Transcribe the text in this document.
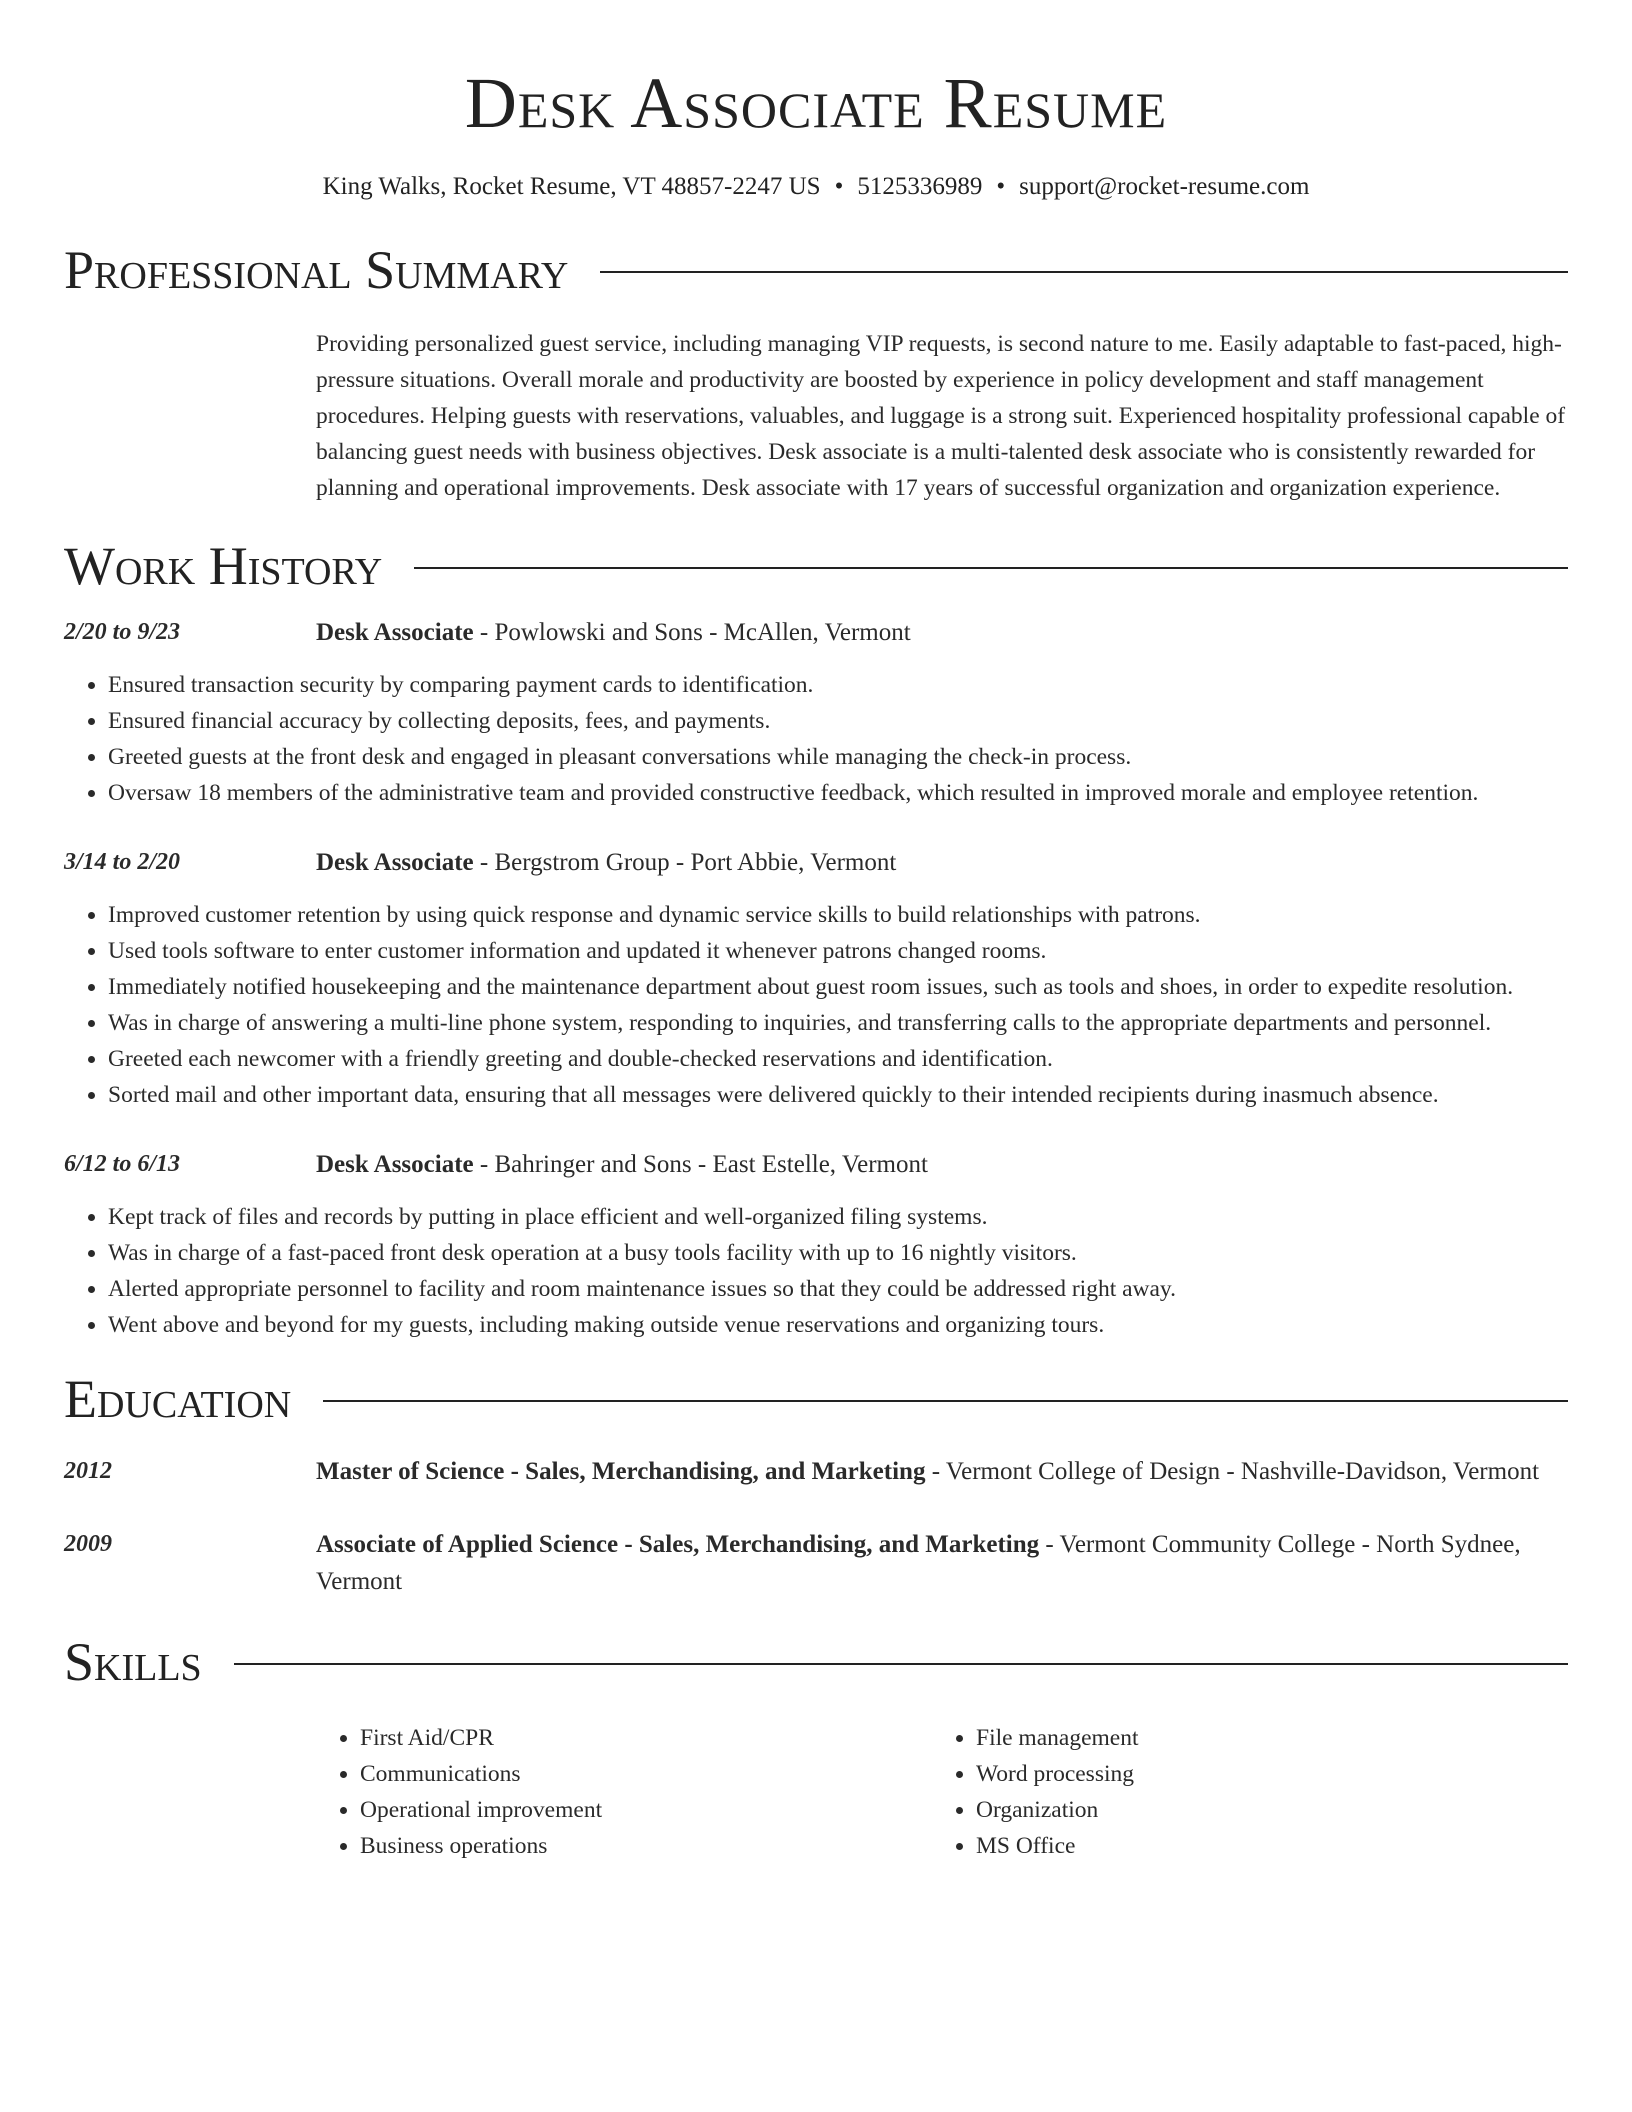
Desk Associate Resume
King Walks, Rocket Resume, VT 48857-2247 US • 5125336989 • support@rocket-resume.com
Professional Summary

Providing personalized guest service, including managing VIP requests, is second nature to me. Easily adaptable to fast-paced, high-pressure situations. Overall morale and productivity are boosted by experience in policy development and staff management procedures. Helping guests with reservations, valuables, and luggage is a strong suit. Experienced hospitality professional capable of balancing guest needs with business objectives. Desk associate is a multi-talented desk associate who is consistently rewarded for planning and operational improvements. Desk associate with 17 years of successful organization and organization experience.

Work History
2/20 to 9/23	Desk Associate - Powlowski and Sons - McAllen, Vermont
• Ensured transaction security by comparing payment cards to identification.
• Ensured financial accuracy by collecting deposits, fees, and payments.
• Greeted guests at the front desk and engaged in pleasant conversations while managing the check-in process.
• Oversaw 18 members of the administrative team and provided constructive feedback, which resulted in improved morale and employee retention.
3/14 to 2/20	Desk Associate - Bergstrom Group - Port Abbie, Vermont
• Improved customer retention by using quick response and dynamic service skills to build relationships with patrons.
• Used tools software to enter customer information and updated it whenever patrons changed rooms.
• Immediately notified housekeeping and the maintenance department about guest room issues, such as tools and shoes, in order to expedite resolution.
• Was in charge of answering a multi-line phone system, responding to inquiries, and transferring calls to the appropriate departments and personnel.
• Greeted each newcomer with a friendly greeting and double-checked reservations and identification.
• Sorted mail and other important data, ensuring that all messages were delivered quickly to their intended recipients during inasmuch absence.
6/12 to 6/13	Desk Associate - Bahringer and Sons - East Estelle, Vermont
• Kept track of files and records by putting in place efficient and well-organized filing systems.
• Was in charge of a fast-paced front desk operation at a busy tools facility with up to 16 nightly visitors.
• Alerted appropriate personnel to facility and room maintenance issues so that they could be addressed right away.
• Went above and beyond for my guests, including making outside venue reservations and organizing tours.
Education
2012	Master of Science - Sales, Merchandising, and Marketing - Vermont College of Design - Nashville-Davidson, Vermont
2009	Associate of Applied Science - Sales, Merchandising, and Marketing - Vermont Community College - North Sydnee, Vermont
Skills
• First Aid/CPR
• Communications
• Operational improvement
• Business operations
• File management
• Word processing
• Organization
• MS Office
